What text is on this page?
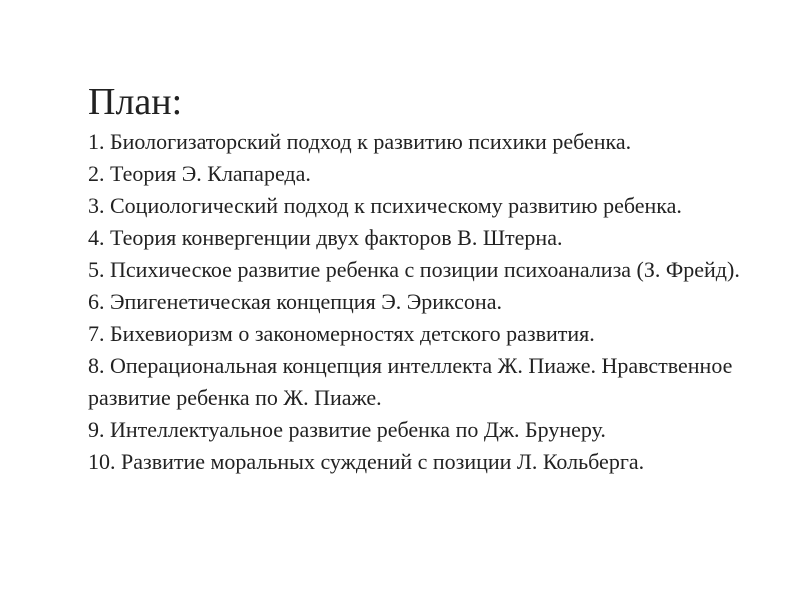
План:
1. Биологизаторский подход к развитию психики ребенка.
2. Теория Э. Клапареда.
3. Социологический подход к психическому развитию ребенка.
4. Теория конвергенции двух факторов В. Штерна.
5. Психическое развитие ребенка с позиции психоанализа (З. Фрейд).
6. Эпигенетическая концепция Э. Эриксона.
7. Бихевиоризм о закономерностях детского развития.
8. Операциональная концепция интеллекта Ж. Пиаже. Нравственное развитие ребенка по Ж. Пиаже.
9. Интеллектуальное развитие ребенка по Дж. Брунеру.
10. Развитие моральных суждений с позиции Л. Кольберга.
